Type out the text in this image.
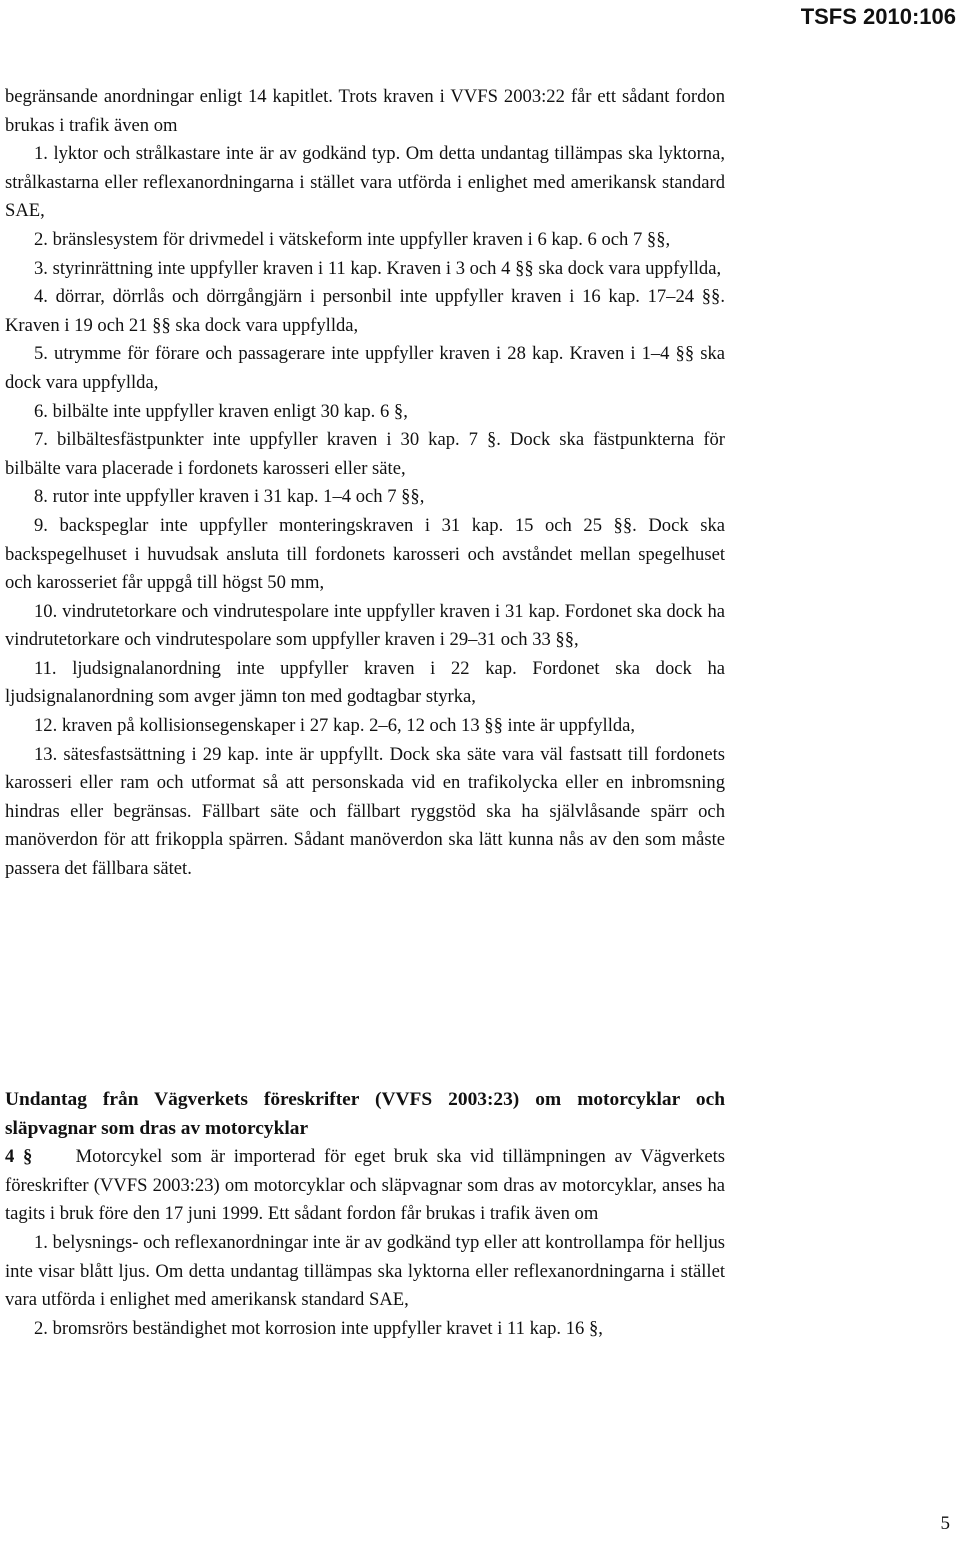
TSFS 2010:106

begränsande anordningar enligt 14 kapitlet. Trots kraven i VVFS 2003:22 får ett sådant fordon brukas i trafik även om

1. lyktor och strålkastare inte är av godkänd typ. Om detta undantag tillämpas ska lyktorna, strålkastarna eller reflexanordningarna i stället vara utförda i enlighet med amerikansk standard SAE,

2. bränslesystem för drivmedel i vätskeform inte uppfyller kraven i 6 kap. 6 och 7 §§,

3. styrinrättning inte uppfyller kraven i 11 kap. Kraven i 3 och 4 §§ ska dock vara uppfyllda,

4. dörrar, dörrlås och dörrgångjärn i personbil inte uppfyller kraven i 16 kap. 17–24 §§. Kraven i 19 och 21 §§ ska dock vara uppfyllda,

5. utrymme för förare och passagerare inte uppfyller kraven i 28 kap. Kraven i 1–4 §§ ska dock vara uppfyllda,

6. bilbälte inte uppfyller kraven enligt 30 kap. 6 §,

7. bilbältesfästpunkter inte uppfyller kraven i 30 kap. 7 §. Dock ska fästpunkterna för bilbälte vara placerade i fordonets karosseri eller säte,

8. rutor inte uppfyller kraven i 31 kap. 1–4 och 7 §§,

9. backspeglar inte uppfyller monteringskraven i 31 kap. 15 och 25 §§. Dock ska backspegelhuset i huvudsak ansluta till fordonets karosseri och avståndet mellan spegelhuset och karosseriet får uppgå till högst 50 mm,

10. vindrutetorkare och vindrutespolare inte uppfyller kraven i 31 kap. Fordonet ska dock ha vindrutetorkare och vindrutespolare som uppfyller kraven i 29–31 och 33 §§,

11. ljudsignalanordning inte uppfyller kraven i 22 kap. Fordonet ska dock ha ljudsignalanordning som avger jämn ton med godtagbar styrka,

12. kraven på kollisionsegenskaper i 27 kap. 2–6, 12 och 13 §§ inte är uppfyllda,

13. sätesfastsättning i 29 kap. inte är uppfyllt. Dock ska säte vara väl fastsatt till fordonets karosseri eller ram och utformat så att personskada vid en trafikolycka eller en inbromsning hindras eller begränsas. Fällbart säte och fällbart ryggstöd ska ha självlåsande spärr och manöverdon för att frikoppla spärren. Sådant manöverdon ska lätt kunna nås av den som måste passera det fällbara sätet.

Undantag från Vägverkets föreskrifter (VVFS 2003:23) om motorcyklar och släpvagnar som dras av motorcyklar

4 § Motorcykel som är importerad för eget bruk ska vid tillämpningen av Vägverkets föreskrifter (VVFS 2003:23) om motorcyklar och släpvagnar som dras av motorcyklar, anses ha tagits i bruk före den 17 juni 1999. Ett sådant fordon får brukas i trafik även om

1. belysnings- och reflexanordningar inte är av godkänd typ eller att kontrollampa för helljus inte visar blått ljus. Om detta undantag tillämpas ska lyktorna eller reflexanordningarna i stället vara utförda i enlighet med amerikansk standard SAE,

2. bromsrörs beständighet mot korrosion inte uppfyller kravet i 11 kap. 16 §,

5
